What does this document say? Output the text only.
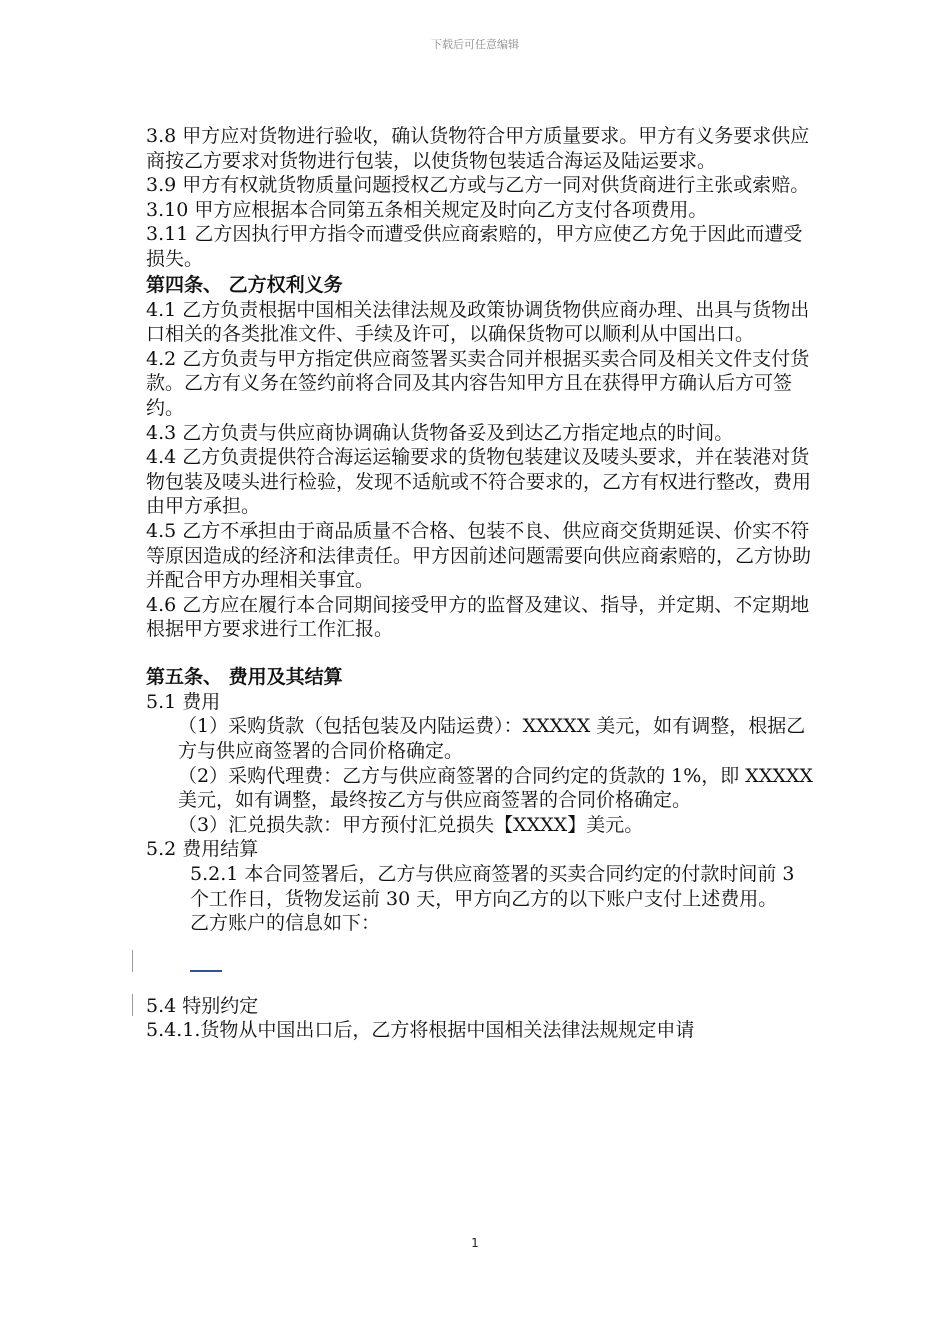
下载后可任意编辑

3.8 甲方应对货物进行验收，确认货物符合甲方质量要求。甲方有义务要求供应商按乙方要求对货物进行包装，以使货物包装适合海运及陆运要求。

3.9 甲方有权就货物质量问题授权乙方或与乙方一同对供货商进行主张或索赔。

3.10 甲方应根据本合同第五条相关规定及时向乙方支付各项费用。

3.11 乙方因执行甲方指令而遭受供应商索赔的，甲方应使乙方免于因此而遭受损失。

第四条、 乙方权利义务

4.1 乙方负责根据中国相关法律法规及政策协调货物供应商办理、出具与货物出口相关的各类批准文件、手续及许可，以确保货物可以顺利从中国出口。

4.2 乙方负责与甲方指定供应商签署买卖合同并根据买卖合同及相关文件支付货款。乙方有义务在签约前将合同及其内容告知甲方且在获得甲方确认后方可签约。

4.3 乙方负责与供应商协调确认货物备妥及到达乙方指定地点的时间。

4.4 乙方负责提供符合海运运输要求的货物包装建议及唛头要求，并在装港对货物包装及唛头进行检验，发现不适航或不符合要求的，乙方有权进行整改，费用由甲方承担。

4.5 乙方不承担由于商品质量不合格、包装不良、供应商交货期延误、价实不符等原因造成的经济和法律责任。甲方因前述问题需要向供应商索赔的，乙方协助并配合甲方办理相关事宜。

4.6 乙方应在履行本合同期间接受甲方的监督及建议、指导，并定期、不定期地根据甲方要求进行工作汇报。

第五条、 费用及其结算

5.1 费用

（1）采购货款（包括包装及内陆运费）：XXXXX 美元，如有调整，根据乙方与供应商签署的合同价格确定。

（2）采购代理费：乙方与供应商签署的合同约定的货款的 1%，即 XXXXX 美元，如有调整，最终按乙方与供应商签署的合同价格确定。

（3）汇兑损失款：甲方预付汇兑损失【XXXX】美元。

5.2 费用结算

5.2.1 本合同签署后，乙方与供应商签署的买卖合同约定的付款时间前 3 个工作日，货物发运前 30 天，甲方向乙方的以下账户支付上述费用。

乙方账户的信息如下：

5.4 特别约定

5.4.1.货物从中国出口后，乙方将根据中国相关法律法规规定申请

1
